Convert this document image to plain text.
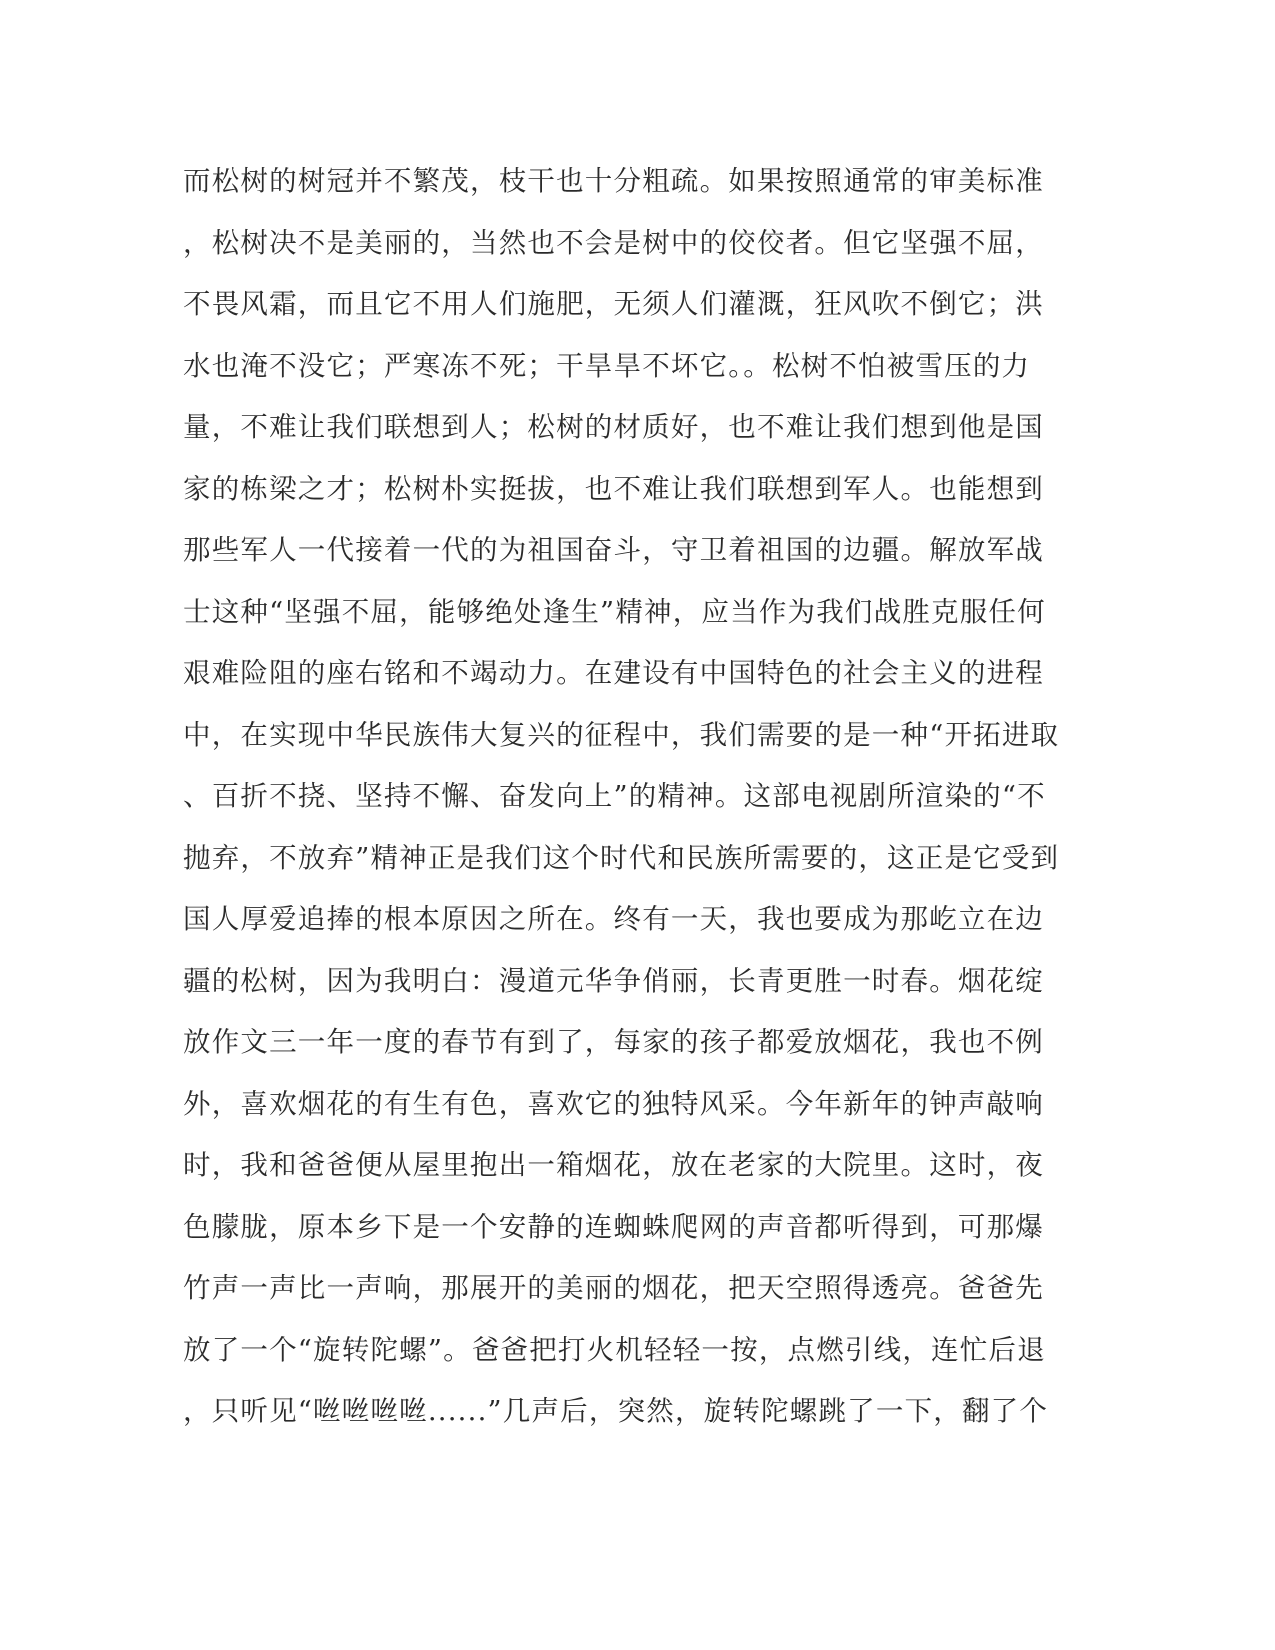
而松树的树冠并不繁茂，枝干也十分粗疏。如果按照通常的审美标准
，松树决不是美丽的，当然也不会是树中的佼佼者。但它坚强不屈，
不畏风霜，而且它不用人们施肥，无须人们灌溉，狂风吹不倒它；洪
水也淹不没它；严寒冻不死；干旱旱不坏它。。松树不怕被雪压的力
量，不难让我们联想到人；松树的材质好，也不难让我们想到他是国
家的栋梁之才；松树朴实挺拔，也不难让我们联想到军人。也能想到
那些军人一代接着一代的为祖国奋斗，守卫着祖国的边疆。解放军战
士这种“坚强不屈，能够绝处逢生”精神，应当作为我们战胜克服任何
艰难险阻的座右铭和不竭动力。在建设有中国特色的社会主义的进程
中，在实现中华民族伟大复兴的征程中，我们需要的是一种“开拓进取
、百折不挠、坚持不懈、奋发向上”的精神。这部电视剧所渲染的“不
抛弃，不放弃”精神正是我们这个时代和民族所需要的，这正是它受到
国人厚爱追捧的根本原因之所在。终有一天，我也要成为那屹立在边
疆的松树，因为我明白：漫道元华争俏丽，长青更胜一时春。烟花绽
放作文三一年一度的春节有到了，每家的孩子都爱放烟花，我也不例
外，喜欢烟花的有生有色，喜欢它的独特风采。今年新年的钟声敲响
时，我和爸爸便从屋里抱出一箱烟花，放在老家的大院里。这时，夜
色朦胧，原本乡下是一个安静的连蜘蛛爬网的声音都听得到，可那爆
竹声一声比一声响，那展开的美丽的烟花，把天空照得透亮。爸爸先
放了一个“旋转陀螺”。爸爸把打火机轻轻一按，点燃引线，连忙后退
，只听见“咝咝咝咝......”几声后，突然，旋转陀螺跳了一下，翻了个
